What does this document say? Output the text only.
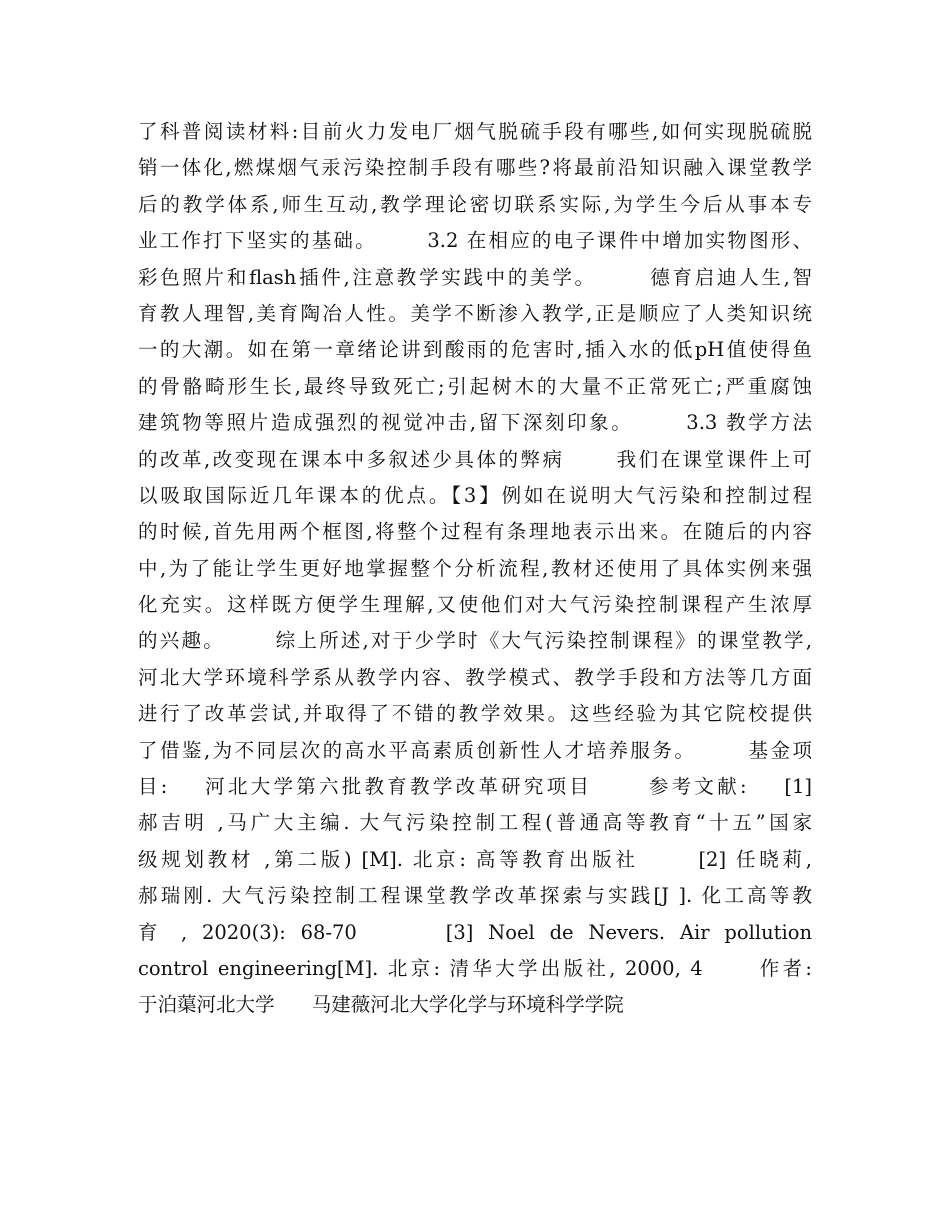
了科普阅读材料:目前火力发电厂烟气脱硫手段有哪些,如何实现脱硫脱
销一体化,燃煤烟气汞污染控制手段有哪些?将最前沿知识融入课堂教学
后的教学体系,师生互动,教学理论密切联系实际,为学生今后从事本专
业工作打下坚实的基础。      3.2 在相应的电子课件中增加实物图形、
彩色照片和flash插件,注意教学实践中的美学。      德育启迪人生,智
育教人理智,美育陶冶人性。美学不断渗入教学,正是顺应了人类知识统
一的大潮。如在第一章绪论讲到酸雨的危害时,插入水的低pH值使得鱼
的骨骼畸形生长,最终导致死亡;引起树木的大量不正常死亡;严重腐蚀
建筑物等照片造成强烈的视觉冲击,留下深刻印象。      3.3 教学方法
的改革,改变现在课本中多叙述少具体的弊病      我们在课堂课件上可
以吸取国际近几年课本的优点。【3】例如在说明大气污染和控制过程
的时候,首先用两个框图,将整个过程有条理地表示出来。在随后的内容
中,为了能让学生更好地掌握整个分析流程,教材还使用了具体实例来强
化充实。这样既方便学生理解,又使他们对大气污染控制课程产生浓厚
的兴趣。      综上所述,对于少学时《大气污染控制课程》的课堂教学,
河北大学环境科学系从教学内容、教学模式、教学手段和方法等几方面
进行了改革尝试,并取得了不错的教学效果。这些经验为其它院校提供
了借鉴,为不同层次的高水平高素质创新性人才培养服务。      基金项
目:    河北大学第六批教育教学改革研究项目      参考文献:    [1]
郝吉明 ,马广大主编. 大气污染控制工程(普通高等教育“十五”国家
级规划教材 ,第二版) [M]. 北京: 高等教育出版社      [2] 任晓莉,
郝瑞刚. 大气污染控制工程课堂教学改革探索与实践[J ]. 化工高等教
育 , 2020(3): 68-70      [3] Noel de Nevers. Air pollution
control engineering[M]. 北京: 清华大学出版社, 2000, 4      作者:
于泊蕖河北大学      马建薇河北大学化学与环境科学学院
